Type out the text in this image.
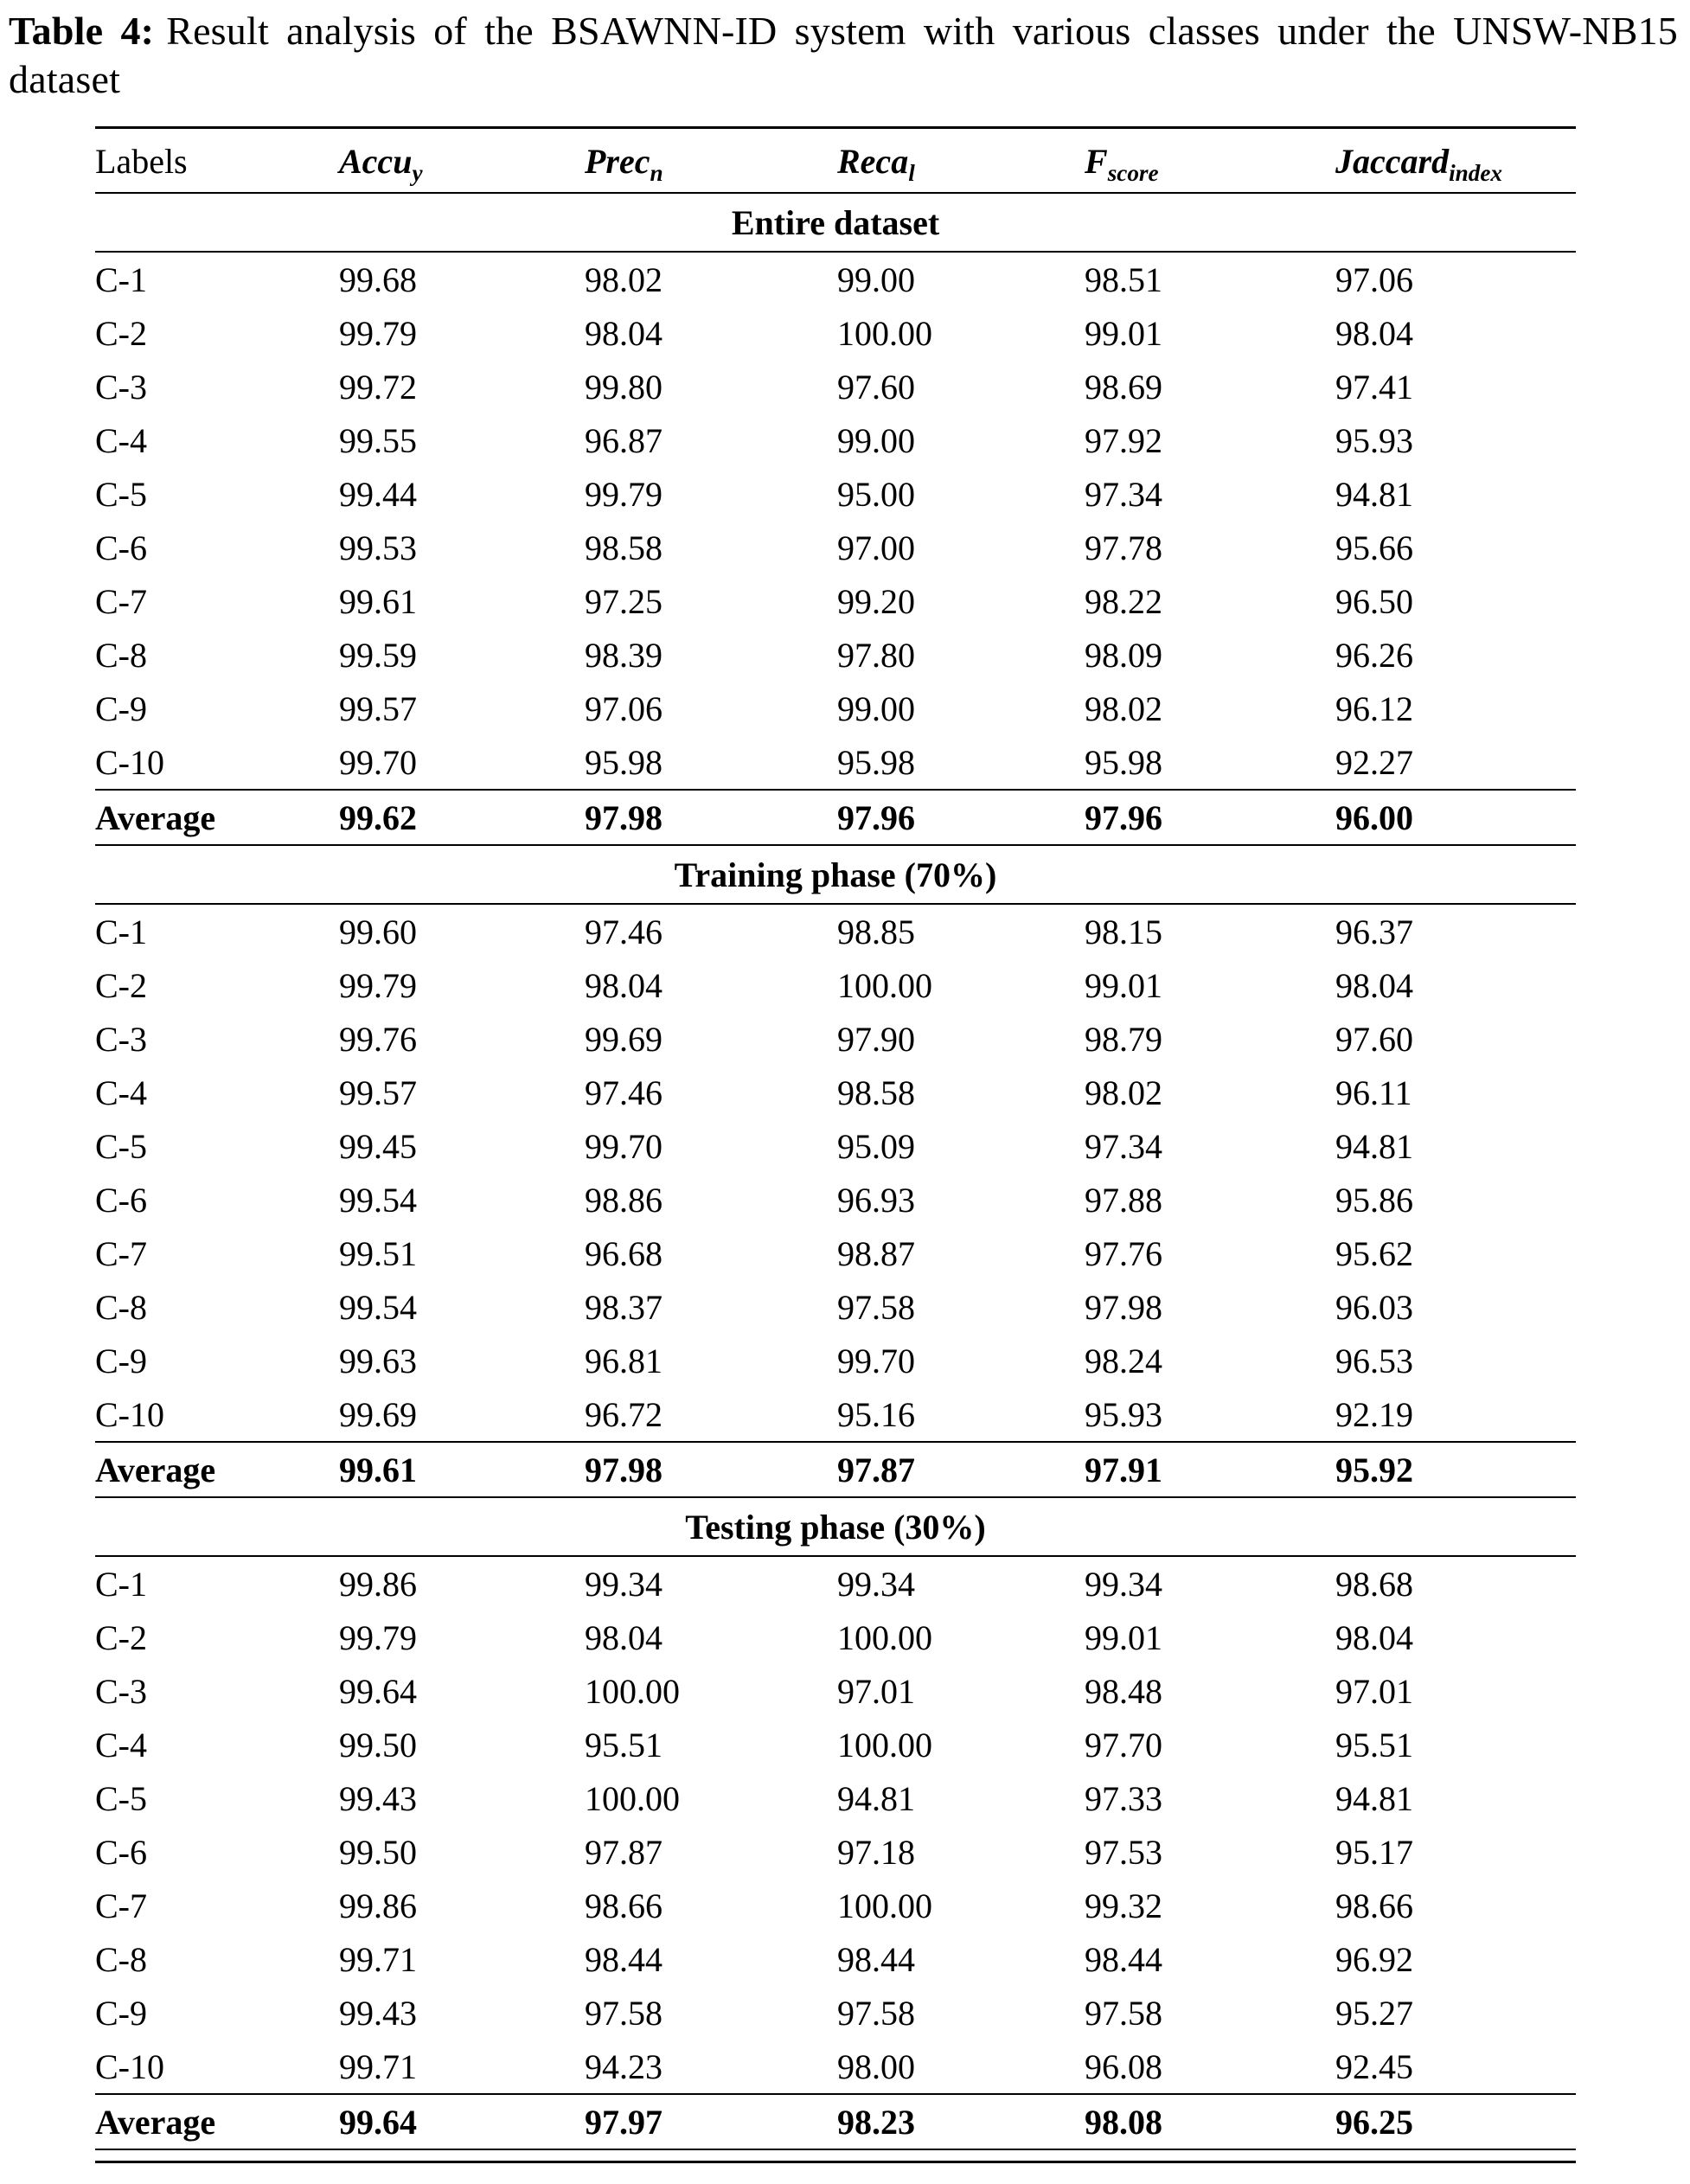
Table 4: Result analysis of the BSAWNN-ID system with various classes under the UNSW-NB15 dataset
Labels	Accu$_y$	Prec$_n$	Reca$_l$	$F_{score}$	Jaccard$_{index}$
Entire dataset					
C-1	99.68	98.02	99.00	98.51	97.06
C-2	99.79	98.04	100.00	99.01	98.04
C-3	99.72	99.80	97.60	98.69	97.41
C-4	99.55	96.87	99.00	97.92	95.93
C-5	99.44	99.79	95.00	97.34	94.81
C-6	99.53	98.58	97.00	97.78	95.66
C-7	99.61	97.25	99.20	98.22	96.50
C-8	99.59	98.39	97.80	98.09	96.26
C-9	99.57	97.06	99.00	98.02	96.12
C-10	99.70	95.98	95.98	95.98	92.27
Average	99.62	97.98	97.96	97.96	96.00
Training phase (70%)					
C-1	99.60	97.46	98.85	98.15	96.37
C-2	99.79	98.04	100.00	99.01	98.04
C-3	99.76	99.69	97.90	98.79	97.60
C-4	99.57	97.46	98.58	98.02	96.11
C-5	99.45	99.70	95.09	97.34	94.81
C-6	99.54	98.86	96.93	97.88	95.86
C-7	99.51	96.68	98.87	97.76	95.62
C-8	99.54	98.37	97.58	97.98	96.03
C-9	99.63	96.81	99.70	98.24	96.53
C-10	99.69	96.72	95.16	95.93	92.19
Average	99.61	97.98	97.87	97.91	95.92
Testing phase (30%)					
C-1	99.86	99.34	99.34	99.34	98.68
C-2	99.79	98.04	100.00	99.01	98.04
C-3	99.64	100.00	97.01	98.48	97.01
C-4	99.50	95.51	100.00	97.70	95.51
C-5	99.43	100.00	94.81	97.33	94.81
C-6	99.50	97.87	97.18	97.53	95.17
C-7	99.86	98.66	100.00	99.32	98.66
C-8	99.71	98.44	98.44	98.44	96.92
C-9	99.43	97.58	97.58	97.58	95.27
C-10	99.71	94.23	98.00	96.08	92.45
Average	99.64	97.97	98.23	98.08	96.25
